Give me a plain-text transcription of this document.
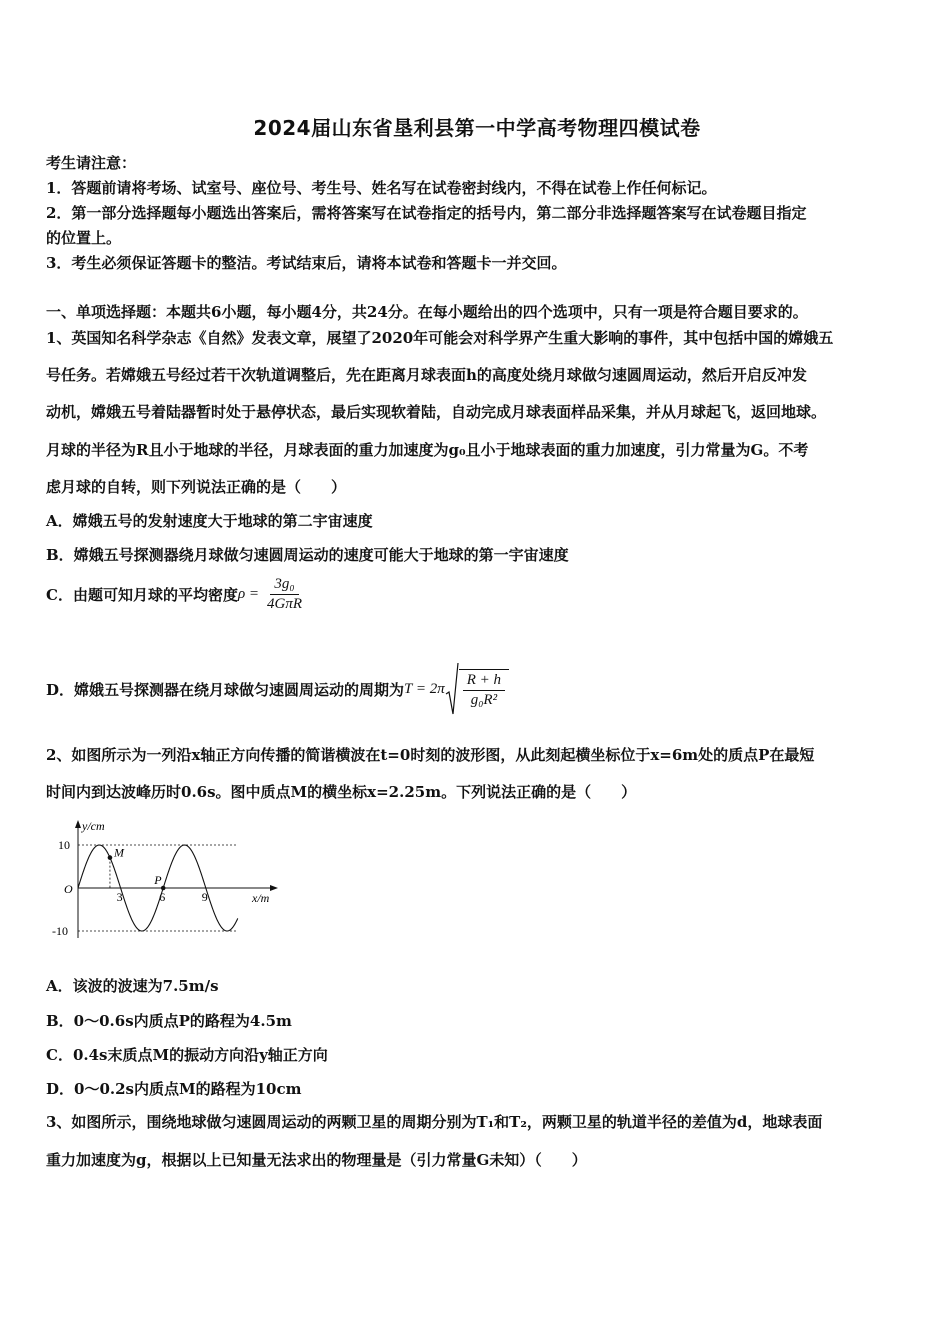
2024届山东省垦利县第一中学高考物理四模试卷
考生请注意：
1．答题前请将考场、试室号、座位号、考生号、姓名写在试卷密封线内，不得在试卷上作任何标记。
2．第一部分选择题每小题选出答案后，需将答案写在试卷指定的括号内，第二部分非选择题答案写在试卷题目指定
的位置上。
3．考生必须保证答题卡的整洁。考试结束后，请将本试卷和答题卡一并交回。
一、单项选择题：本题共6小题，每小题4分，共24分。在每小题给出的四个选项中，只有一项是符合题目要求的。
1、英国知名科学杂志《自然》发表文章，展望了2020年可能会对科学界产生重大影响的事件，其中包括中国的嫦娥五
号任务。若嫦娥五号经过若干次轨道调整后，先在距离月球表面h的高度处绕月球做匀速圆周运动，然后开启反冲发
动机，嫦娥五号着陆器暂时处于悬停状态，最后实现软着陆，自动完成月球表面样品采集，并从月球起飞，返回地球。
月球的半径为R且小于地球的半径，月球表面的重力加速度为g₀且小于地球表面的重力加速度，引力常量为G。不考
虑月球的自转，则下列说法正确的是（　　）
A．嫦娥五号的发射速度大于地球的第二宇宙速度
B．嫦娥五号探测器绕月球做匀速圆周运动的速度可能大于地球的第一宇宙速度
C．由题可知月球的平均密度 $\rho = \frac{\text{3g₀}}{\text{4GπR}}$
D．嫦娥五号探测器在绕月球做匀速圆周运动的周期为 $T = 2\pi \frac{R + h}{\text{g₀R²}}$
2、如图所示为一列沿x轴正方向传播的简谐横波在t=0时刻的波形图，从此刻起横坐标位于x=6m处的质点P在最短
时间内到达波峰历时0.6s。图中质点M的横坐标x=2.25m。下列说法正确的是（　　）
y/cm
x/m
O
10
-10
3	6	9
M
P
A．该波的波速为7.5m/s
B．0～0.6s内质点P的路程为4.5m
C．0.4s末质点M的振动方向沿y轴正方向
D．0～0.2s内质点M的路程为10cm
3、如图所示，围绕地球做匀速圆周运动的两颗卫星的周期分别为T₁和T₂，两颗卫星的轨道半径的差值为d，地球表面
重力加速度为g，根据以上已知量无法求出的物理量是（引力常量G未知）（　　）
